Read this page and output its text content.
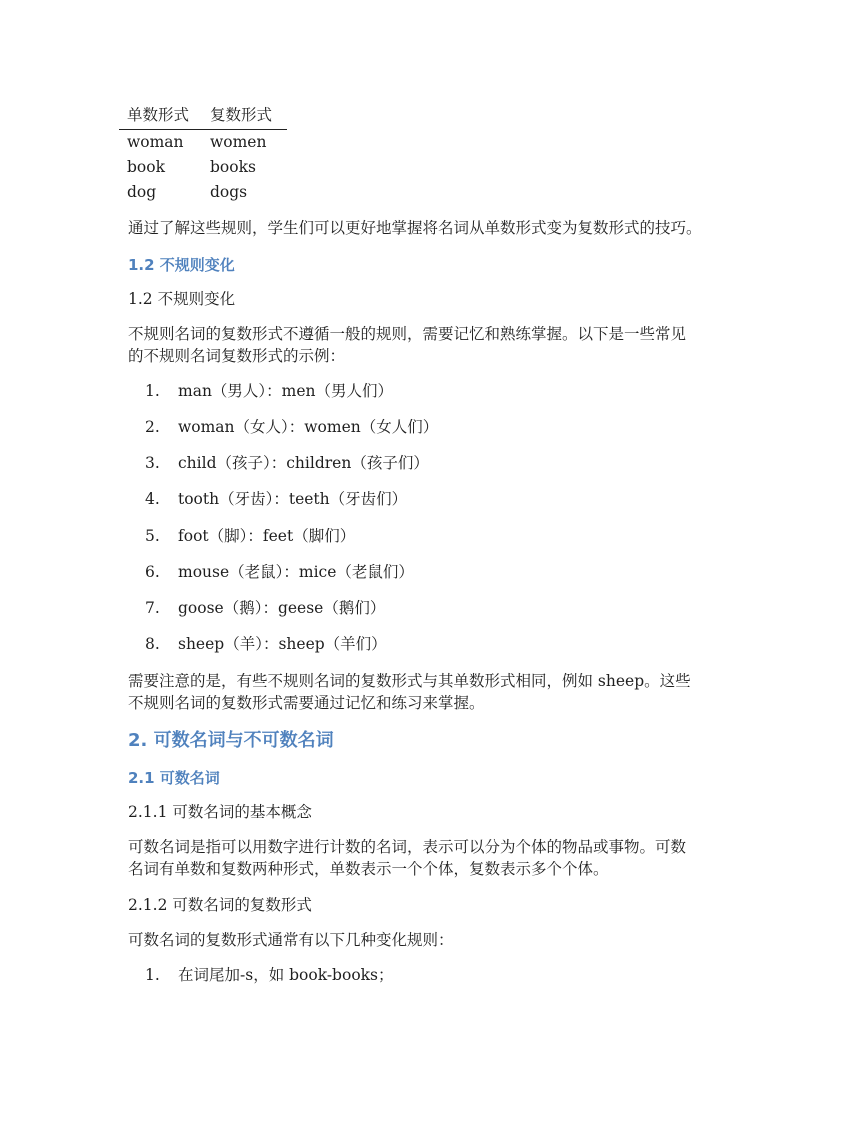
单数形式 复数形式
woman women
book	books
dog	dogs
通过了解这些规则，学生们可以更好地掌握将名词从单数形式变为复数形式的技巧。
1.2 不规则变化
1.2 不规则变化
不规则名词的复数形式不遵循一般的规则，需要记忆和熟练掌握。以下是一些常见
的不规则名词复数形式的示例：
1. man（男人）：men（男人们）
2. woman（女人）：women（女人们）
3. child（孩子）：children（孩子们）
4. tooth（牙齿）：teeth（牙齿们）
5. foot（脚）：feet（脚们）
6. mouse（老鼠）：mice（老鼠们）
7. goose（鹅）：geese（鹅们）
8. sheep（羊）：sheep（羊们）
需要注意的是，有些不规则名词的复数形式与其单数形式相同，例如 sheep。这些
不规则名词的复数形式需要通过记忆和练习来掌握。
2. 可数名词与不可数名词
2.1 可数名词
2.1.1 可数名词的基本概念
可数名词是指可以用数字进行计数的名词，表示可以分为个体的物品或事物。可数
名词有单数和复数两种形式，单数表示一个个体，复数表示多个个体。
2.1.2 可数名词的复数形式
可数名词的复数形式通常有以下几种变化规则：
1. 在词尾加-s，如 book-books；
